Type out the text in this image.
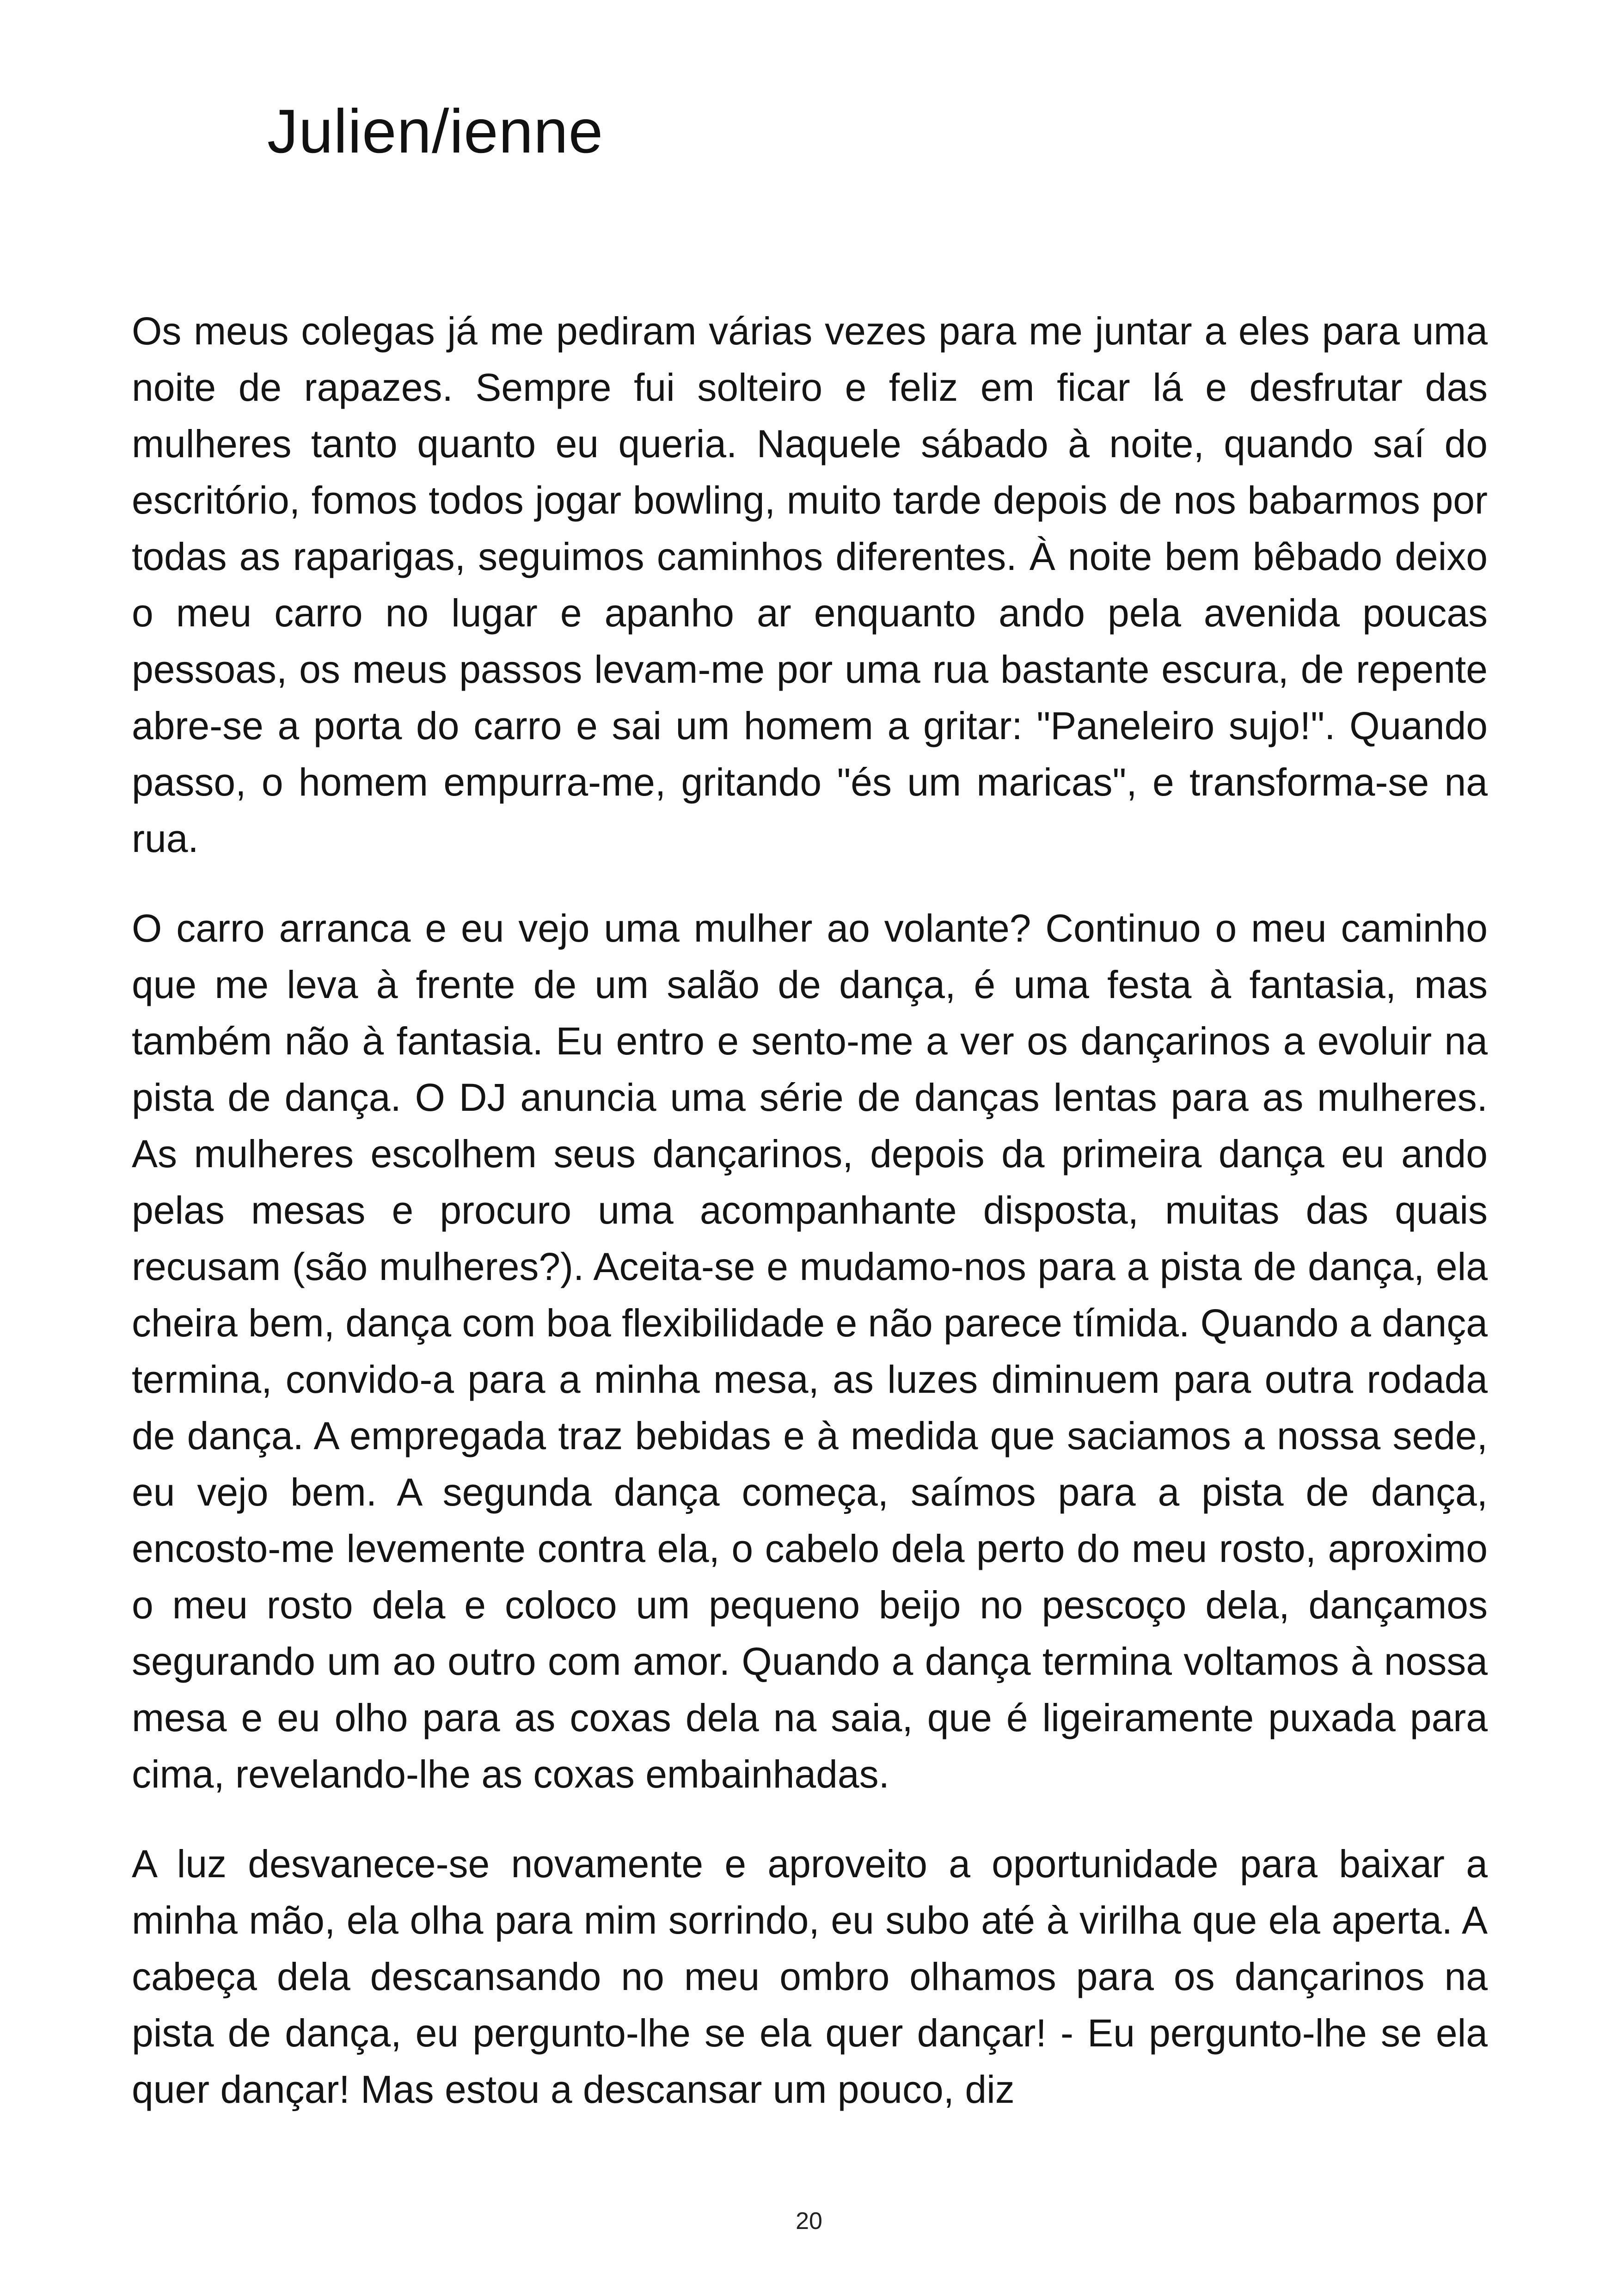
Julien/ienne

Os meus colegas já me pediram várias vezes para me juntar a eles para uma noite de rapazes. Sempre fui solteiro e feliz em ficar lá e desfrutar das mulheres tanto quanto eu queria. Naquele sábado à noite, quando saí do escritório, fomos todos jogar bowling, muito tarde depois de nos babarmos por todas as raparigas, seguimos caminhos diferentes. À noite bem bêbado deixo o meu carro no lugar e apanho ar enquanto ando pela avenida poucas pessoas, os meus passos levam-me por uma rua bastante escura, de repente abre-se a porta do carro e sai um homem a gritar: "Paneleiro sujo!". Quando passo, o homem empurra-me, gritando "és um maricas", e transforma-se na rua.

O carro arranca e eu vejo uma mulher ao volante? Continuo o meu caminho que me leva à frente de um salão de dança, é uma festa à fantasia, mas também não à fantasia. Eu entro e sento-me a ver os dançarinos a evoluir na pista de dança. O DJ anuncia uma série de danças lentas para as mulheres. As mulheres escolhem seus dançarinos, depois da primeira dança eu ando pelas mesas e procuro uma acompanhante disposta, muitas das quais recusam (são mulheres?). Aceita-se e mudamo-nos para a pista de dança, ela cheira bem, dança com boa flexibilidade e não parece tímida. Quando a dança termina, convido-a para a minha mesa, as luzes diminuem para outra rodada de dança. A empregada traz bebidas e à medida que saciamos a nossa sede, eu vejo bem. A segunda dança começa, saímos para a pista de dança, encosto-me levemente contra ela, o cabelo dela perto do meu rosto, aproximo o meu rosto dela e coloco um pequeno beijo no pescoço dela, dançamos segurando um ao outro com amor. Quando a dança termina voltamos à nossa mesa e eu olho para as coxas dela na saia, que é ligeiramente puxada para cima, revelando-lhe as coxas embainhadas.

A luz desvanece-se novamente e aproveito a oportunidade para baixar a minha mão, ela olha para mim sorrindo, eu subo até à virilha que ela aperta. A cabeça dela descansando no meu ombro olhamos para os dançarinos na pista de dança, eu pergunto-lhe se ela quer dançar! - Eu pergunto-lhe se ela quer dançar! Mas estou a descansar um pouco, diz

20
